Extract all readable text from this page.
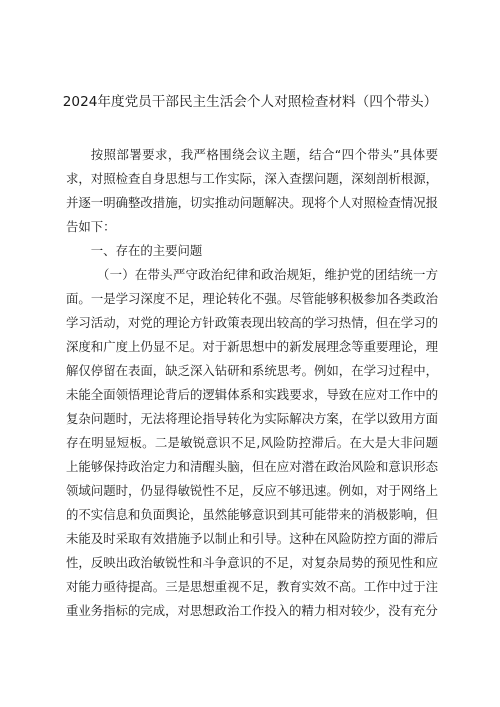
2024年度党员干部民主生活会个人对照检查材料（四个带头）

按照部署要求，我严格围绕会议主题，结合“四个带头”具体要求，对照检查自身思想与工作实际，深入查摆问题，深刻剖析根源，并逐一明确整改措施，切实推动问题解决。现将个人对照检查情况报告如下：

一、存在的主要问题

（一）在带头严守政治纪律和政治规矩，维护党的团结统一方面。一是学习深度不足，理论转化不强。尽管能够积极参加各类政治学习活动，对党的理论方针政策表现出较高的学习热情，但在学习的深度和广度上仍显不足。对于新思想中的新发展理念等重要理论，理解仅停留在表面，缺乏深入钻研和系统思考。例如，在学习过程中，未能全面领悟理论背后的逻辑体系和实践要求，导致在应对工作中的复杂问题时，无法将理论指导转化为实际解决方案，在学以致用方面存在明显短板。二是敏锐意识不足,风险防控滞后。在大是大非问题上能够保持政治定力和清醒头脑，但在应对潜在政治风险和意识形态领域问题时，仍显得敏锐性不足，反应不够迅速。例如，对于网络上的不实信息和负面舆论，虽然能够意识到其可能带来的消极影响，但未能及时采取有效措施予以制止和引导。这种在风险防控方面的滞后性，反映出政治敏锐性和斗争意识的不足，对复杂局势的预见性和应对能力亟待提高。三是思想重视不足，教育实效不高。工作中过于注重业务指标的完成，对思想政治工作投入的精力相对较少，没有充分
